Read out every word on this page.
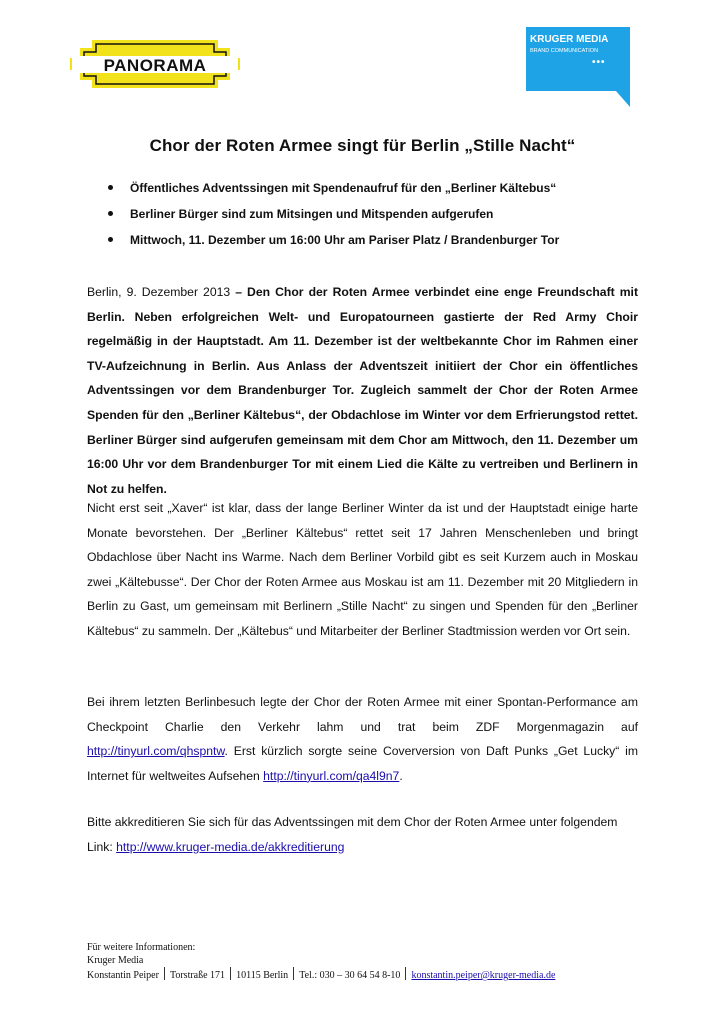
PANORAMA
KRUGER MEDIA
BRAND COMMUNICATION
•••
Chor der Roten Armee singt für Berlin „Stille Nacht“
Öffentliches Adventssingen mit Spendenaufruf für den „Berliner Kältebus“
Berliner Bürger sind zum Mitsingen und Mitspenden aufgerufen
Mittwoch, 11. Dezember um 16:00 Uhr am Pariser Platz / Brandenburger Tor

Berlin, 9. Dezember 2013 – Den Chor der Roten Armee verbindet eine enge Freundschaft mit Berlin. Neben erfolgreichen Welt- und Europatourneen gastierte der Red Army Choir regelmäßig in der Hauptstadt. Am 11. Dezember ist der weltbekannte Chor im Rahmen einer TV-Aufzeichnung in Berlin. Aus Anlass der Adventszeit initiiert der Chor ein öffentliches Adventssingen vor dem Brandenburger Tor. Zugleich sammelt der Chor der Roten Armee Spenden für den „Berliner Kältebus“, der Obdachlose im Winter vor dem Erfrierungstod rettet. Berliner Bürger sind aufgerufen gemeinsam mit dem Chor am Mittwoch, den 11. Dezember um 16:00 Uhr vor dem Brandenburger Tor mit einem Lied die Kälte zu vertreiben und Berlinern in Not zu helfen.

Nicht erst seit „Xaver“ ist klar, dass der lange Berliner Winter da ist und der Hauptstadt einige harte Monate bevorstehen. Der „Berliner Kältebus“ rettet seit 17 Jahren Menschenleben und bringt Obdachlose über Nacht ins Warme. Nach dem Berliner Vorbild gibt es seit Kurzem auch in Moskau zwei „Kältebusse“. Der Chor der Roten Armee aus Moskau ist am 11. Dezember mit 20 Mitgliedern in Berlin zu Gast, um gemeinsam mit Berlinern „Stille Nacht“ zu singen und Spenden für den „Berliner Kältebus“ zu sammeln. Der „Kältebus“ und Mitarbeiter der Berliner Stadtmission werden vor Ort sein.

Bei ihrem letzten Berlinbesuch legte der Chor der Roten Armee mit einer Spontan-Performance am Checkpoint Charlie den Verkehr lahm und trat beim ZDF Morgenmagazin auf http://tinyurl.com/qhspntw. Erst kürzlich sorgte seine Coverversion von Daft Punks „Get Lucky“ im Internet für weltweites Aufsehen http://tinyurl.com/qa4l9n7.

Bitte akkreditieren Sie sich für das Adventssingen mit dem Chor der Roten Armee unter folgendem Link: http://www.kruger-media.de/akkreditierung

Für weitere Informationen:
Kruger Media
Konstantin Peiper Torstraße 171 10115 Berlin Tel.: 030 – 30 64 54 8-10 konstantin.peiper@kruger-media.de
